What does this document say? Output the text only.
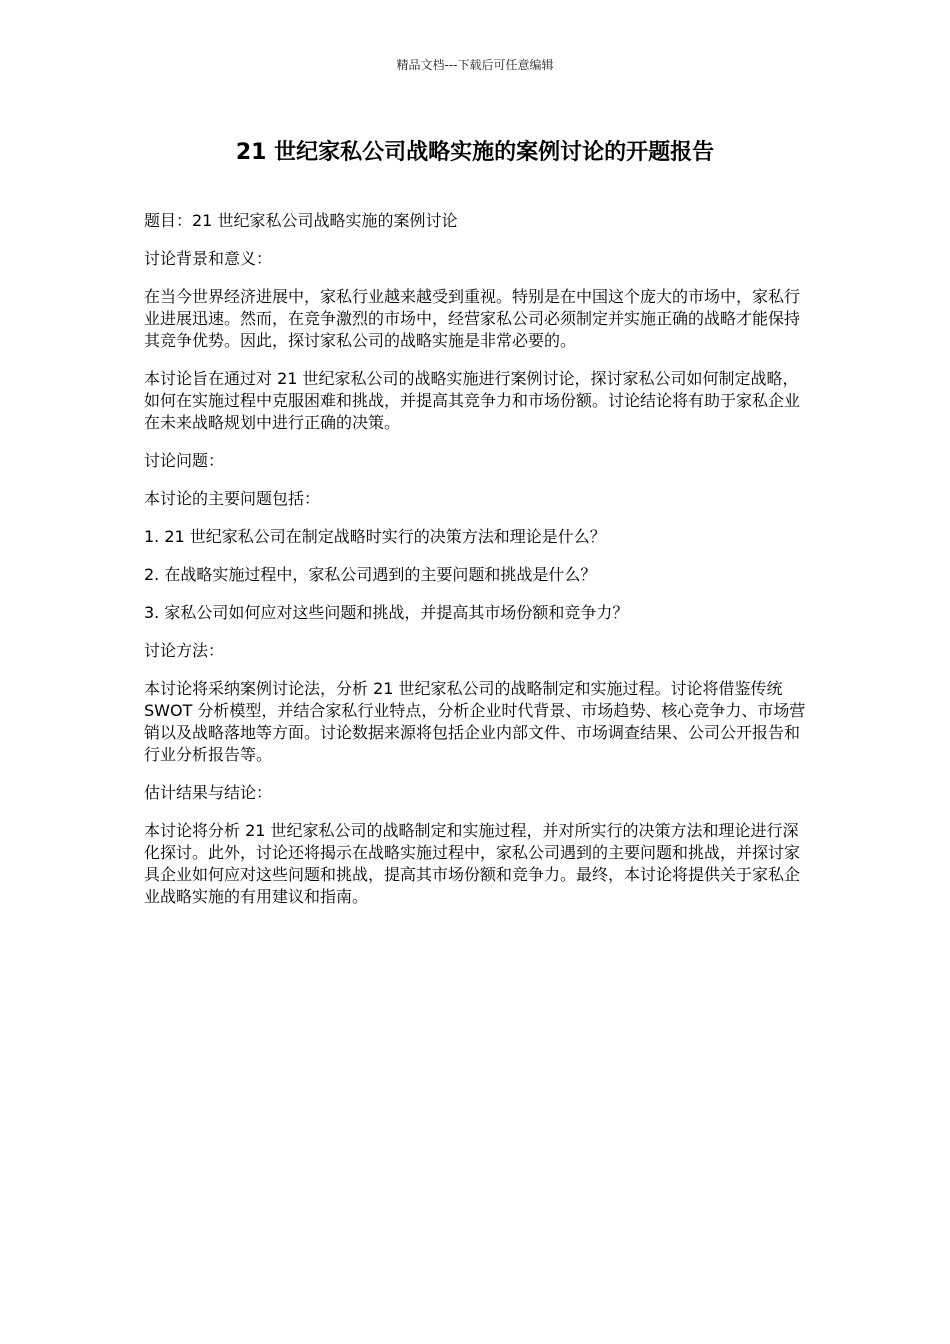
精品文档---下载后可任意编辑
21 世纪家私公司战略实施的案例讨论的开题报告

题目：21 世纪家私公司战略实施的案例讨论

讨论背景和意义：

在当今世界经济进展中，家私行业越来越受到重视。特别是在中国这个庞大的市场中，家私行业进展迅速。然而，在竞争激烈的市场中，经营家私公司必须制定并实施正确的战略才能保持其竞争优势。因此，探讨家私公司的战略实施是非常必要的。

本讨论旨在通过对 21 世纪家私公司的战略实施进行案例讨论，探讨家私公司如何制定战略，如何在实施过程中克服困难和挑战，并提高其竞争力和市场份额。讨论结论将有助于家私企业在未来战略规划中进行正确的决策。

讨论问题：

本讨论的主要问题包括：

1. 21 世纪家私公司在制定战略时实行的决策方法和理论是什么？

2. 在战略实施过程中，家私公司遇到的主要问题和挑战是什么？

3. 家私公司如何应对这些问题和挑战，并提高其市场份额和竞争力？

讨论方法：

本讨论将采纳案例讨论法，分析 21 世纪家私公司的战略制定和实施过程。讨论将借鉴传统 SWOT 分析模型，并结合家私行业特点，分析企业时代背景、市场趋势、核心竞争力、市场营销以及战略落地等方面。讨论数据来源将包括企业内部文件、市场调查结果、公司公开报告和行业分析报告等。

估计结果与结论：

本讨论将分析 21 世纪家私公司的战略制定和实施过程，并对所实行的决策方法和理论进行深化探讨。此外，讨论还将揭示在战略实施过程中，家私公司遇到的主要问题和挑战，并探讨家具企业如何应对这些问题和挑战，提高其市场份额和竞争力。最终，本讨论将提供关于家私企业战略实施的有用建议和指南。
